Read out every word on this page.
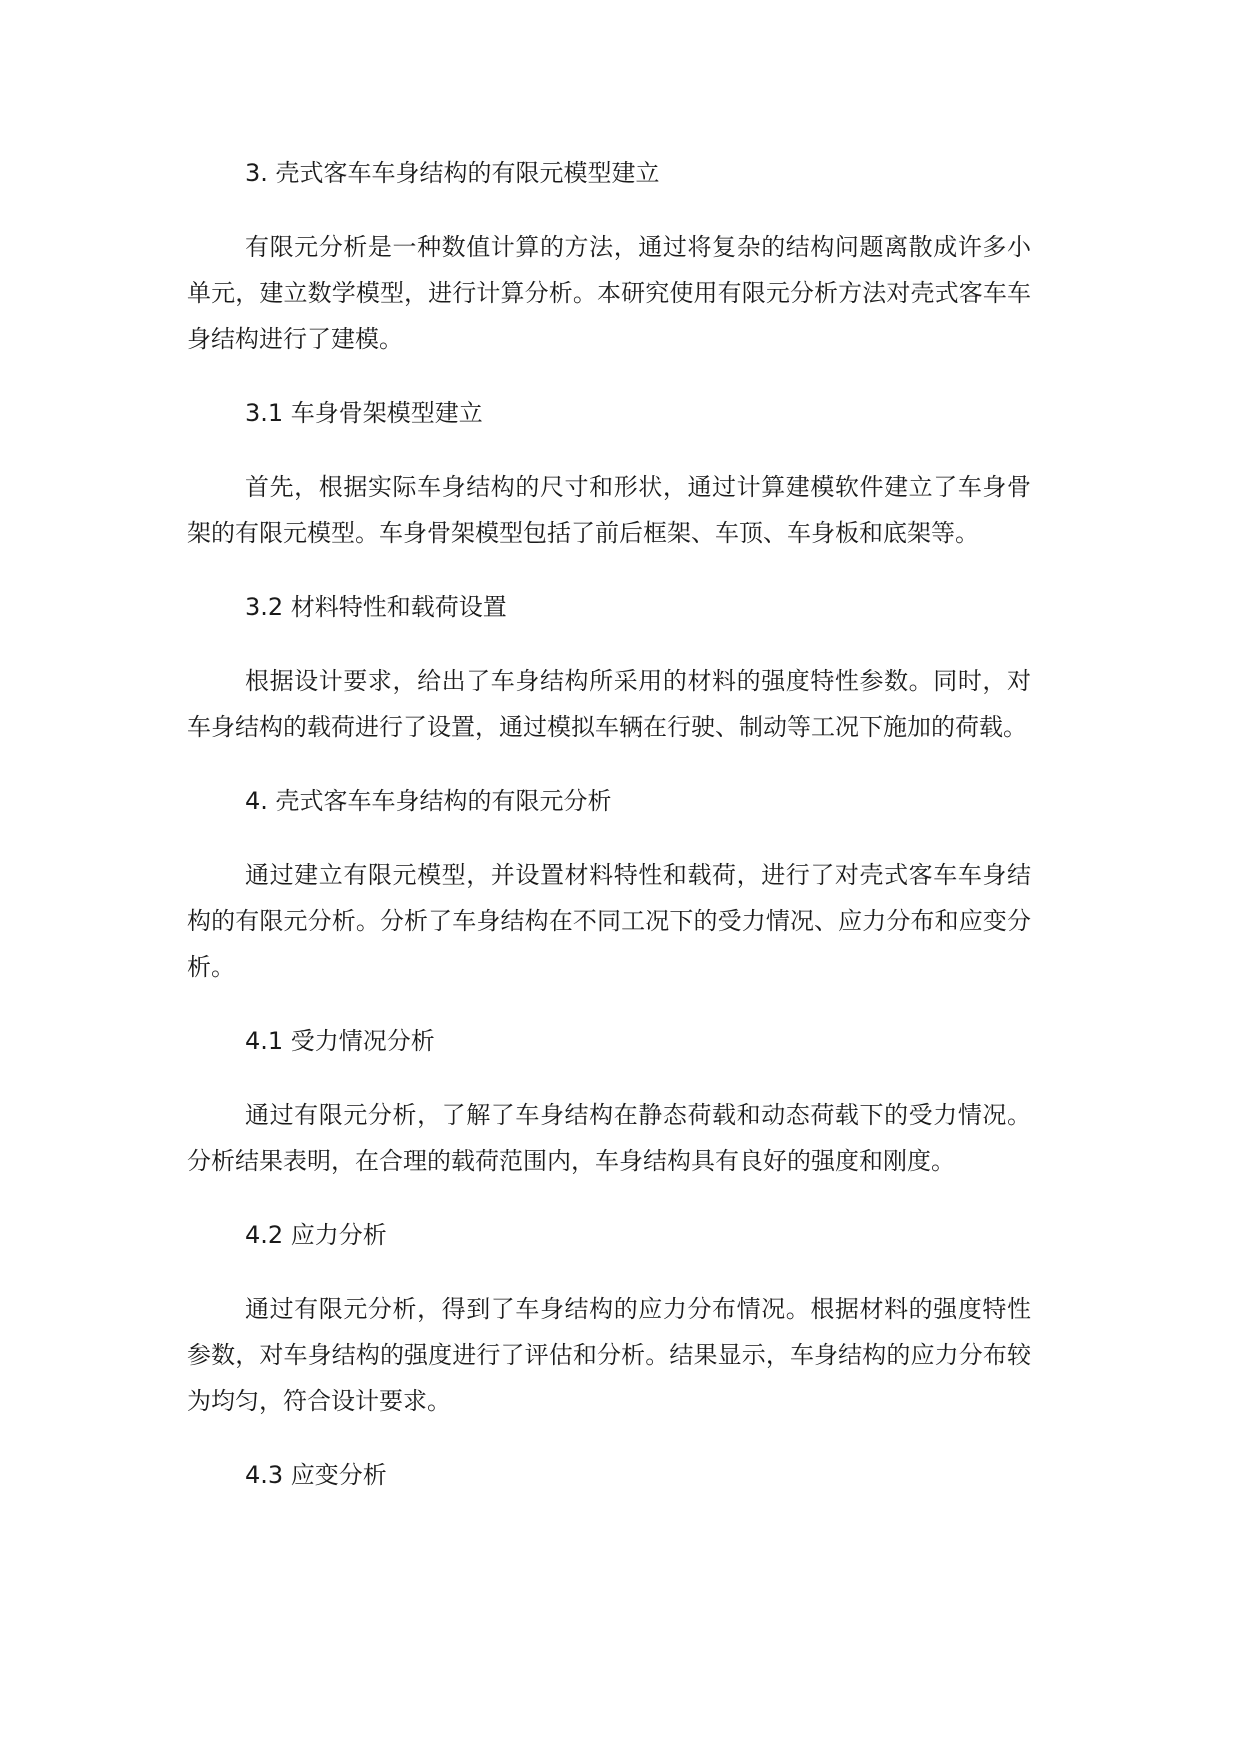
3. 壳式客车车身结构的有限元模型建立

有限元分析是一种数值计算的方法，通过将复杂的结构问题离散成许多小单元，建立数学模型，进行计算分析。本研究使用有限元分析方法对壳式客车车身结构进行了建模。

3.1 车身骨架模型建立

首先，根据实际车身结构的尺寸和形状，通过计算建模软件建立了车身骨架的有限元模型。车身骨架模型包括了前后框架、车顶、车身板和底架等。

3.2 材料特性和载荷设置

根据设计要求，给出了车身结构所采用的材料的强度特性参数。同时，对车身结构的载荷进行了设置，通过模拟车辆在行驶、制动等工况下施加的荷载。

4. 壳式客车车身结构的有限元分析

通过建立有限元模型，并设置材料特性和载荷，进行了对壳式客车车身结构的有限元分析。分析了车身结构在不同工况下的受力情况、应力分布和应变分析。

4.1 受力情况分析

通过有限元分析，了解了车身结构在静态荷载和动态荷载下的受力情况。分析结果表明，在合理的载荷范围内，车身结构具有良好的强度和刚度。

4.2 应力分析

通过有限元分析，得到了车身结构的应力分布情况。根据材料的强度特性参数，对车身结构的强度进行了评估和分析。结果显示，车身结构的应力分布较为均匀，符合设计要求。

4.3 应变分析
